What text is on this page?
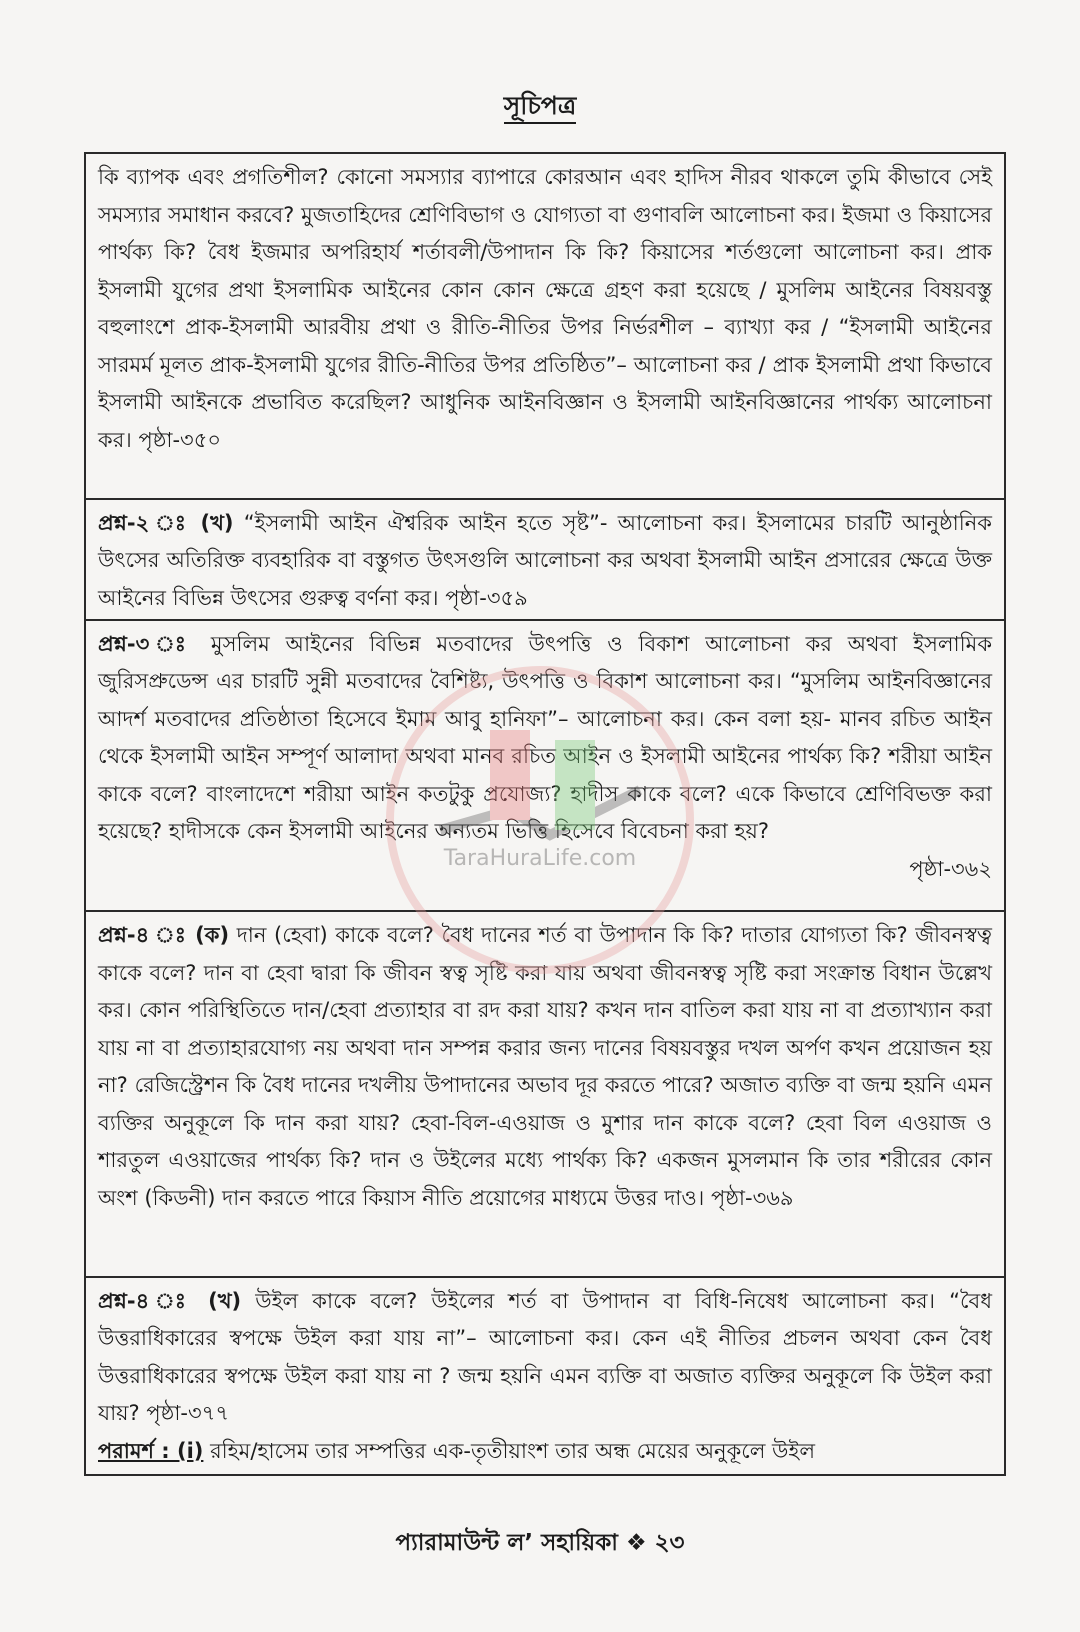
সূচিপত্র
কি ব্যাপক এবং প্রগতিশীল? কোনো সমস্যার ব্যাপারে কোরআন এবং হাদিস নীরব থাকলে তুমি কীভাবে সেই সমস্যার সমাধান করবে? মুজতাহিদের শ্রেণিবিভাগ ও যোগ্যতা বা গুণাবলি আলোচনা কর। ইজমা ও কিয়াসের পার্থক্য কি? বৈধ ইজমার অপরিহার্য শর্তাবলী/উপাদান কি কি? কিয়াসের শর্তগুলো আলোচনা কর। প্রাক ইসলামী যুগের প্রথা ইসলামিক আইনের কোন কোন ক্ষেত্রে গ্রহণ করা হয়েছে / মুসলিম আইনের বিষয়বস্তু বহুলাংশে প্রাক-ইসলামী আরবীয় প্রথা ও রীতি-নীতির উপর নির্ভরশীল – ব্যাখ্যা কর / “ইসলামী আইনের সারমর্ম মূলত প্রাক-ইসলামী যুগের রীতি-নীতির উপর প্রতিষ্ঠিত”– আলোচনা কর / প্রাক ইসলামী প্রথা কিভাবে ইসলামী আইনকে প্রভাবিত করেছিল? আধুনিক আইনবিজ্ঞান ও ইসলামী আইনবিজ্ঞানের পার্থক্য আলোচনা কর। পৃষ্ঠা-৩৫০
প্রশ্ন-২ ঃ (খ) “ইসলামী আইন ঐশ্বরিক আইন হতে সৃষ্ট”- আলোচনা কর। ইসলামের চারটি আনুষ্ঠানিক উৎসের অতিরিক্ত ব্যবহারিক বা বস্তুগত উৎসগুলি আলোচনা কর অথবা ইসলামী আইন প্রসারের ক্ষেত্রে উক্ত আইনের বিভিন্ন উৎসের গুরুত্ব বর্ণনা কর। পৃষ্ঠা-৩৫৯
প্রশ্ন-৩ ঃ মুসলিম আইনের বিভিন্ন মতবাদের উৎপত্তি ও বিকাশ আলোচনা কর অথবা ইসলামিক জুরিসপ্রুডেন্স এর চারটি সুন্নী মতবাদের বৈশিষ্ট্য, উৎপত্তি ও বিকাশ আলোচনা কর। “মুসলিম আইনবিজ্ঞানের আদর্শ মতবাদের প্রতিষ্ঠাতা হিসেবে ইমাম আবু হানিফা”– আলোচনা কর। কেন বলা হয়- মানব রচিত আইন থেকে ইসলামী আইন সম্পূর্ণ আলাদা অথবা মানব রচিত আইন ও ইসলামী আইনের পার্থক্য কি? শরীয়া আইন কাকে বলে? বাংলাদেশে শরীয়া আইন কতটুকু প্রযোজ্য? হাদীস কাকে বলে? একে কিভাবে শ্রেণিবিভক্ত করা হয়েছে? হাদীসকে কেন ইসলামী আইনের অন্যতম ভিত্তি হিসেবে বিবেচনা করা হয়?
পৃষ্ঠা-৩৬২
প্রশ্ন-৪ ঃ (ক) দান (হেবা) কাকে বলে? বৈধ দানের শর্ত বা উপাদান কি কি? দাতার যোগ্যতা কি? জীবনস্বত্ব কাকে বলে? দান বা হেবা দ্বারা কি জীবন স্বত্ব সৃষ্টি করা যায় অথবা জীবনস্বত্ব সৃষ্টি করা সংক্রান্ত বিধান উল্লেখ কর। কোন পরিস্থিতিতে দান/হেবা প্রত্যাহার বা রদ করা যায়? কখন দান বাতিল করা যায় না বা প্রত্যাখ্যান করা যায় না বা প্রত্যাহারযোগ্য নয় অথবা দান সম্পন্ন করার জন্য দানের বিষয়বস্তুর দখল অর্পণ কখন প্রয়োজন হয় না? রেজিস্ট্রেশন কি বৈধ দানের দখলীয় উপাদানের অভাব দূর করতে পারে? অজাত ব্যক্তি বা জন্ম হয়নি এমন ব্যক্তির অনুকূলে কি দান করা যায়? হেবা-বিল-এওয়াজ ও মুশার দান কাকে বলে? হেবা বিল এওয়াজ ও শারতুল এওয়াজের পার্থক্য কি? দান ও উইলের মধ্যে পার্থক্য কি? একজন মুসলমান কি তার শরীরের কোন অংশ (কিডনী) দান করতে পারে কিয়াস নীতি প্রয়োগের মাধ্যমে উত্তর দাও। পৃষ্ঠা-৩৬৯
প্রশ্ন-৪ ঃ (খ) উইল কাকে বলে? উইলের শর্ত বা উপাদান বা বিধি-নিষেধ আলোচনা কর। “বৈধ উত্তরাধিকারের স্বপক্ষে উইল করা যায় না”– আলোচনা কর। কেন এই নীতির প্রচলন অথবা কেন বৈধ উত্তরাধিকারের স্বপক্ষে উইল করা যায় না ? জন্ম হয়নি এমন ব্যক্তি বা অজাত ব্যক্তির অনুকূলে কি উইল করা যায়? পৃষ্ঠা-৩৭৭
পরামর্শ : (i) রহিম/হাসেম তার সম্পত্তির এক-তৃতীয়াংশ তার অন্ধ মেয়ের অনুকূলে উইল
TaraHuraLife.com
প্যারামাউন্ট ল’ সহায়িকা ❖ ২৩
